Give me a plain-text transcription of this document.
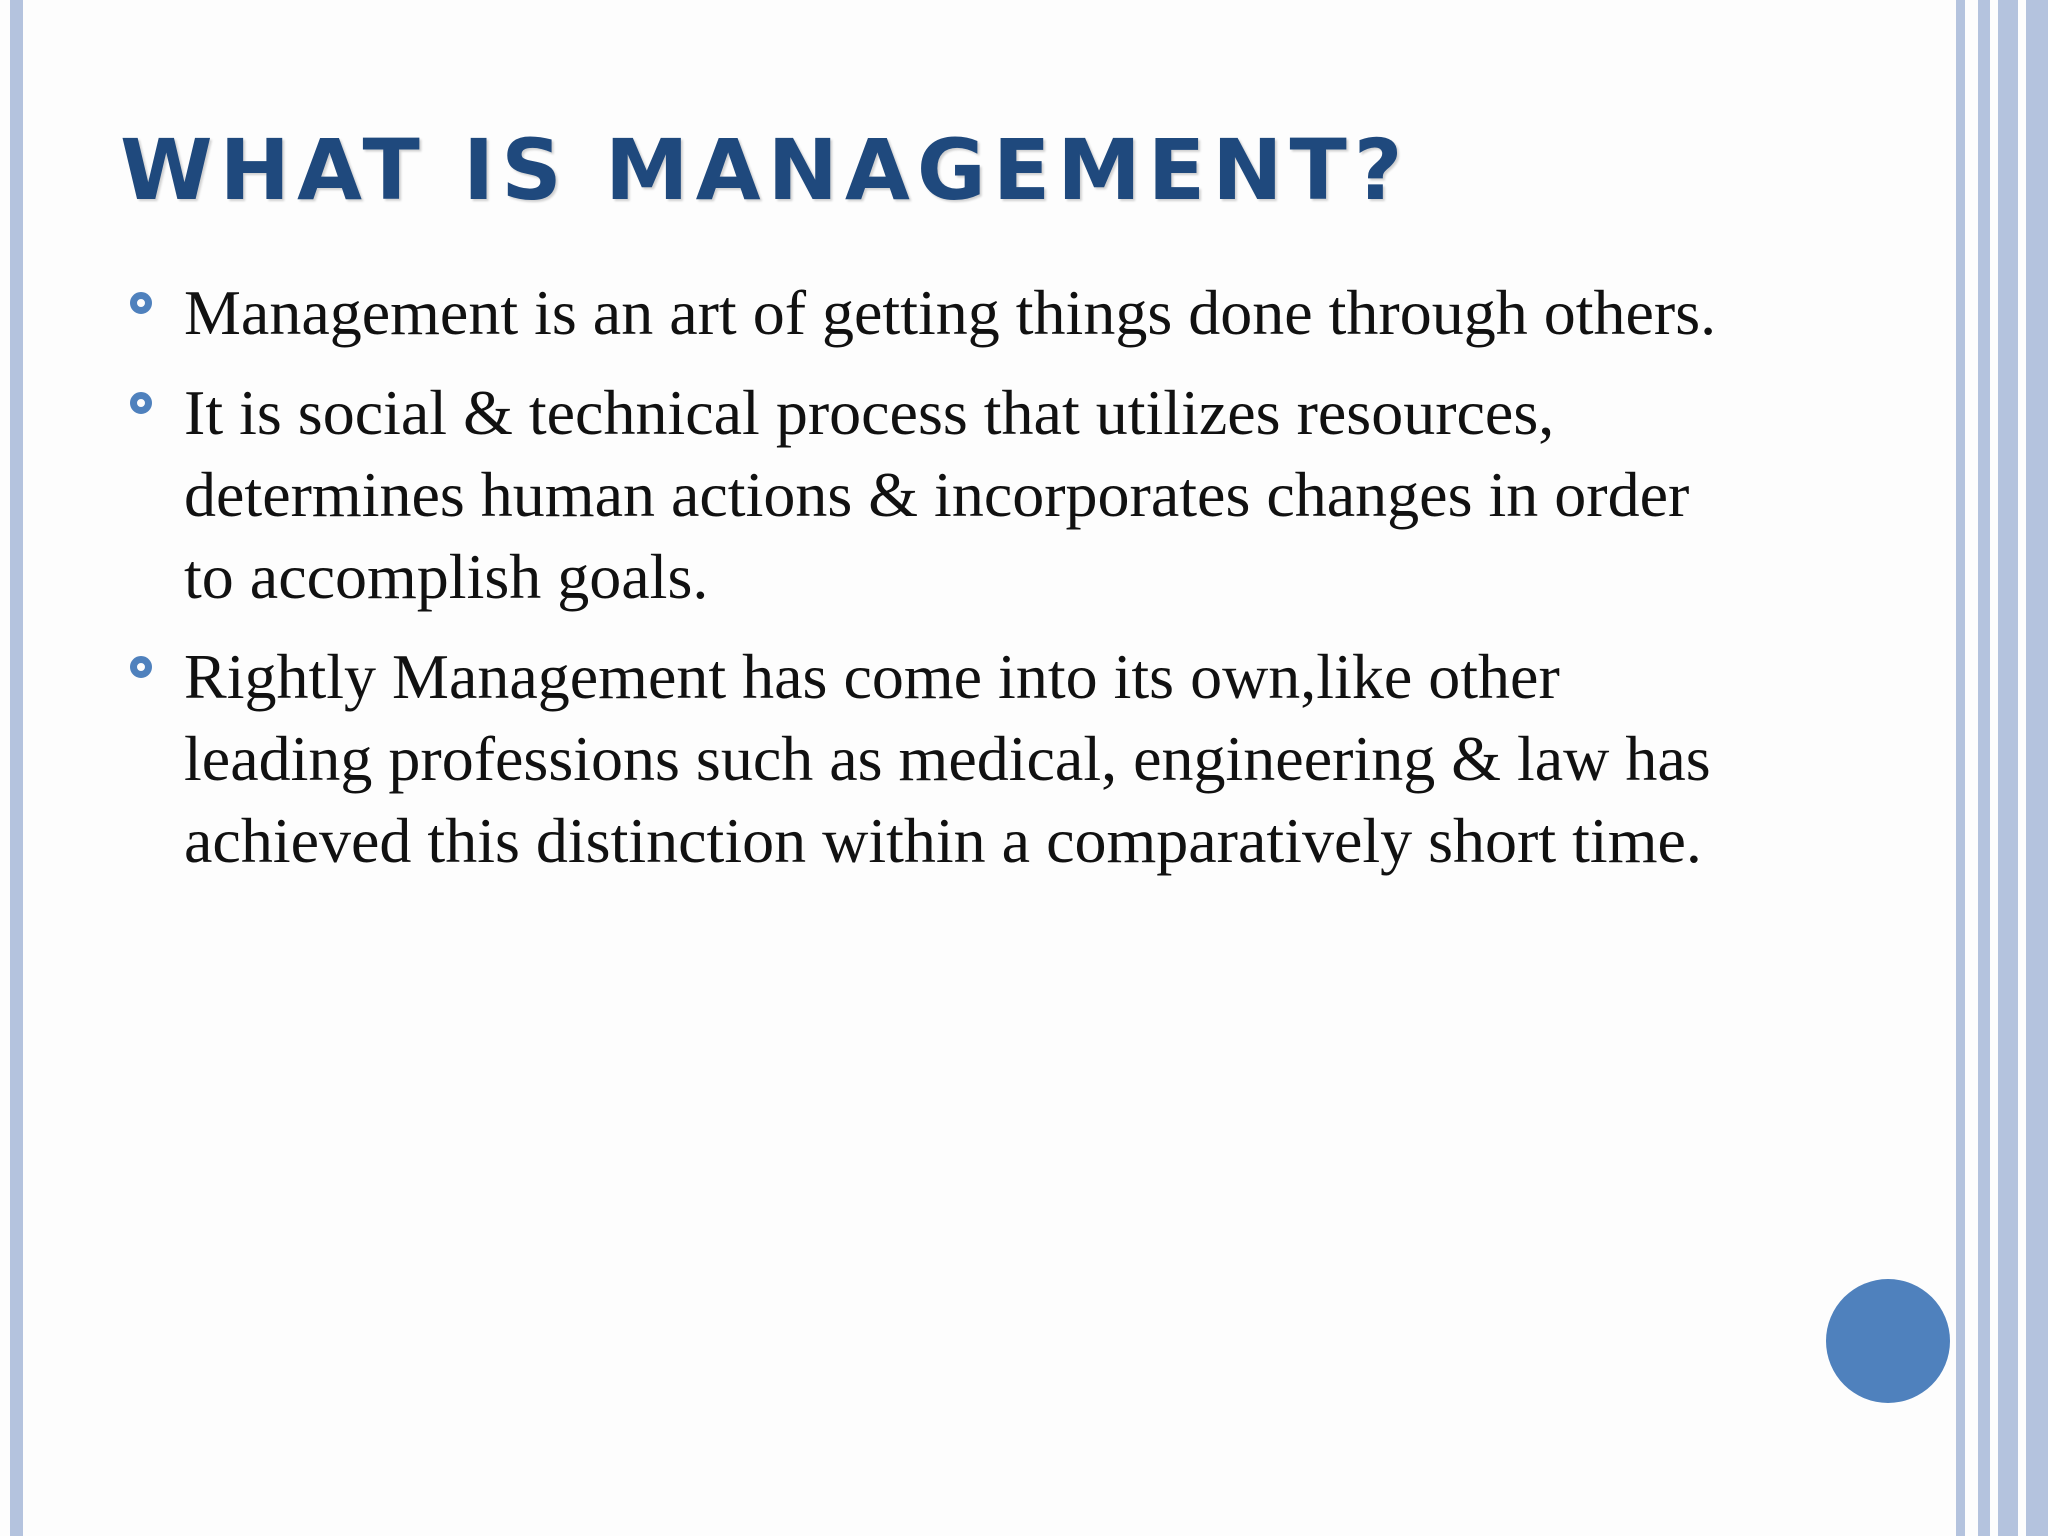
WHAT IS MANAGEMENT?
Management is an art of getting things done through others.
It is social & technical process that utilizes resources, determines human actions & incorporates changes in order to accomplish goals.
Rightly Management has come into its own,like other leading professions such as medical, engineering & law has achieved this distinction within a comparatively short time.
